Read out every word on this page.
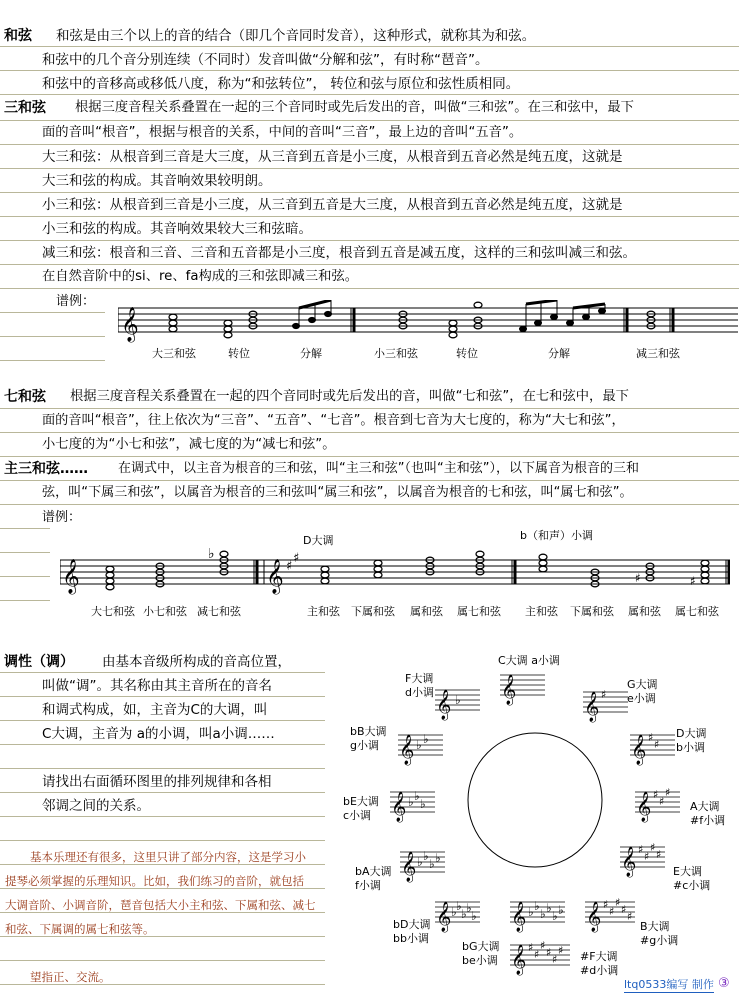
和弦 和弦是由三个以上的音的结合（即几个音同时发音），这种形式，就称其为和弦。
和弦中的几个音分别连续（不同时）发音叫做“分解和弦”，有时称“琶音”。
和弦中的音移高或移低八度，称为“和弦转位”， 转位和弦与原位和弦性质相同。
三和弦 根据三度音程关系叠置在一起的三个音同时或先后发出的音，叫做“三和弦”。在三和弦中，最下
面的音叫“根音”，根据与根音的关系，中间的音叫“三音”，最上边的音叫“五音”。
大三和弦：从根音到三音是大三度，从三音到五音是小三度，从根音到五音必然是纯五度，这就是
大三和弦的构成。其音响效果较明朗。
小三和弦：从根音到三音是小三度，从三音到五音是大三度，从根音到五音必然是纯五度，这就是
小三和弦的构成。其音响效果较大三和弦暗。
减三和弦：根音和三音、三音和五音都是小三度，根音到五音是减五度，这样的三和弦叫减三和弦。
在自然音阶中的si、re、fa构成的三和弦即减三和弦。
谱例：
𝄞
大三和弦	转位	分解	小三和弦	转位	分解	减三和弦
七和弦 根据三度音程关系叠置在一起的四个音同时或先后发出的音，叫做“七和弦”，在七和弦中，最下
面的音叫“根音”，往上依次为“三音”、“五音”、“七音”。根音到七音为大七度的，称为“大七和弦”，
小七度的为“小七和弦”，减七度的为“减七和弦”。
主三和弦…… 在调式中，以主音为根音的三和弦，叫“主三和弦”（也叫“主和弦”），以下属音为根音的三和
弦，叫“下属三和弦”，以属音为根音的三和弦叫“属三和弦”，以属音为根音的七和弦，叫“属七和弦”。
谱例：
D大调	b（和声）小调
𝄞	𝄞 ♯
♯
♭
♯	♯
大七和弦 小七和弦 减七和弦	主和弦 下属和弦 属和弦 属七和弦 主和弦 下属和弦 属和弦 属七和弦
调性（调） 由基本音级所构成的音高位置，
叫做“调”。其名称由其主音所在的音名
和调式构成，如，主音为C的大调，叫
C大调，主音为 a的小调，叫a小调……
请找出右面循环图里的排列规律和各相
邻调之间的关系。
基本乐理还有很多，这里只讲了部分内容，这是学习小
提琴必须掌握的乐理知识。比如，我们练习的音阶，就包括
大调音阶、小调音阶，琶音包括大小主和弦、下属和弦、减七
和弦、下属调的属七和弦等。
望指正、交流。
𝄞
𝄞 ♯
𝄞 ♯
♯
𝄞 ♯
♯
♯
𝄞 ♯
♯
♯
♯
𝄞 ♯
♯
♯
♯
♯
𝄞 ♯
♯
♯
♯
♯
♯
𝄞 ♭ ♭
♭ ♭
♭ ♭
𝄞 ♭ ♭
♭ ♭
♭
𝄞 ♭ ♭
♭ ♭
𝄞 ♭ ♭
♭
𝄞 ♭ ♭
𝄞 ♭
C大调 a小调
G大调
e小调
D大调
b小调
A大调
#f小调
E大调
#c小调
B大调
#g小调
#F大调
#d小调
bG大调
be小调
bD大调
bb小调
bA大调
f小调
bE大调
c小调
bB大调
g小调
F大调
d小调
ltq0533编写 制作 ③
